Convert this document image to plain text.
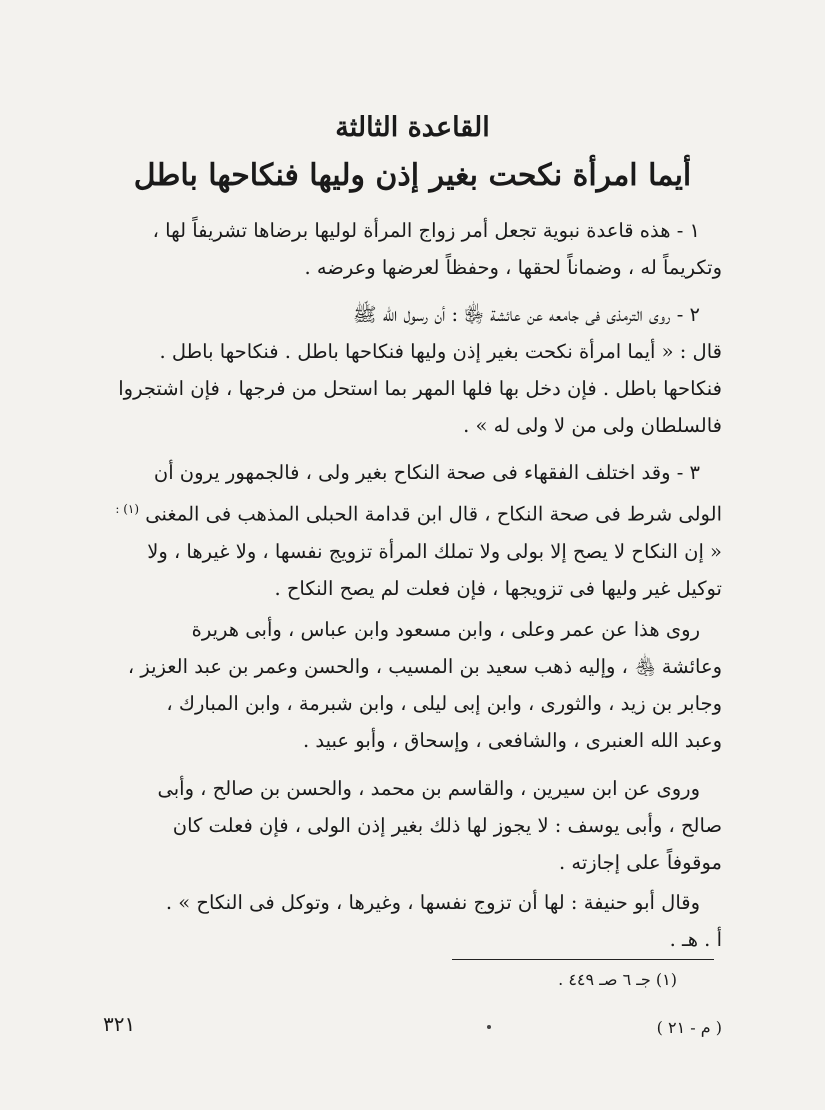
القاعدة الثالثة
أيما امرأة نكحت بغير إذن وليها فنكاحها باطل
١ - هذه قاعدة نبوية تجعل أمر زواج المرأة لوليها برضاها تشريفاً لها ،
وتكريماً له ، وضماناً لحقها ، وحفظاً لعرضها وعرضه .
٢ - روى الترمذى فى جامعه عن عائشة ﵂ : أن رسول الله ﷺ
قال : « أيما امرأة نكحت بغير إذن وليها فنكاحها باطل . فنكاحها باطل .
فنكاحها باطل . فإن دخل بها فلها المهر بما استحل من فرجها ، فإن اشتجروا
فالسلطان ولى من لا ولى له » .
٣ - وقد اختلف الفقهاء فى صحة النكاح بغير ولى ، فالجمهور يرون أن
الولى شرط فى صحة النكاح ، قال ابن قدامة الحبلى المذهب فى المغنى $^{(١) :}$
« إن النكاح لا يصح إلا بولى ولا تملك المرأة تزويج نفسها ، ولا غيرها ، ولا
توكيل غير وليها فى تزويجها ، فإن فعلت لم يصح النكاح .
روى هذا عن عمر وعلى ، وابن مسعود وابن عباس ، وأبى هريرة
وعائشة ﵃ ، وإليه ذهب سعيد بن المسيب ، والحسن وعمر بن عبد العزيز ،
وجابر بن زيد ، والثورى ، وابن إبى ليلى ، وابن شبرمة ، وابن المبارك ،
وعبد الله العنبرى ، والشافعى ، وإسحاق ، وأبو عبيد .
وروى عن ابن سيرين ، والقاسم بن محمد ، والحسن بن صالح ، وأبى
صالح ، وأبى يوسف : لا يجوز لها ذلك بغير إذن الولى ، فإن فعلت كان
موقوفاً على إجازته .
وقال أبو حنيفة : لها أن تزوج نفسها ، وغيرها ، وتوكل فى النكاح » .
أ . هـ .
(١) جـ ٦ صـ ٤٤٩ .
٣٢١	( م - ٢١ )
